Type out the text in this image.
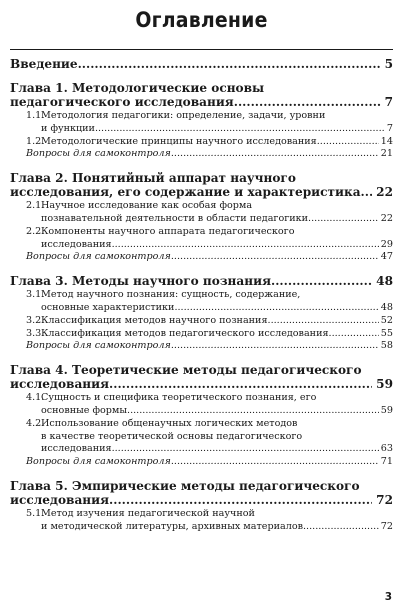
Оглавление
Введение .....	5
Глава 1. Методологические основы
педагогического исследования .....	7
1.1.
Методология педагогики: определение, задачи, уровни
и функции .....	7
1.2.
Методологические принципы научного исследования .....	14
Вопросы для самоконтроля .....	21
Глава 2. Понятийный аппарат научного
исследования, его содержание и характеристика .....	22
2.1.
Научное исследование как особая форма
познавательной деятельности в области педагогики .....	22
2.2.
Компоненты научного аппарата педагогического
исследования .....	29
Вопросы для самоконтроля .....	47
Глава 3. Методы научного познания .....	48
3.1.
Метод научного познания: сущность, содержание,
основные характеристики .....	48
3.2.
Классификация методов научного познания .....	52
3.3.
Классификация методов педагогического исследования .....	55
Вопросы для самоконтроля .....	58
Глава 4. Теоретические методы педагогического
исследования .....	59
4.1.
Сущность и специфика теоретического познания, его
основные формы .....	59
4.2.
Использование общенаучных логических методов
в качестве теоретической основы педагогического
исследования .....	63
Вопросы для самоконтроля .....	71
Глава 5. Эмпирические методы педагогического
исследования .....	72
5.1.
Метод изучения педагогической научной
и методической литературы, архивных материалов .....	72
3
